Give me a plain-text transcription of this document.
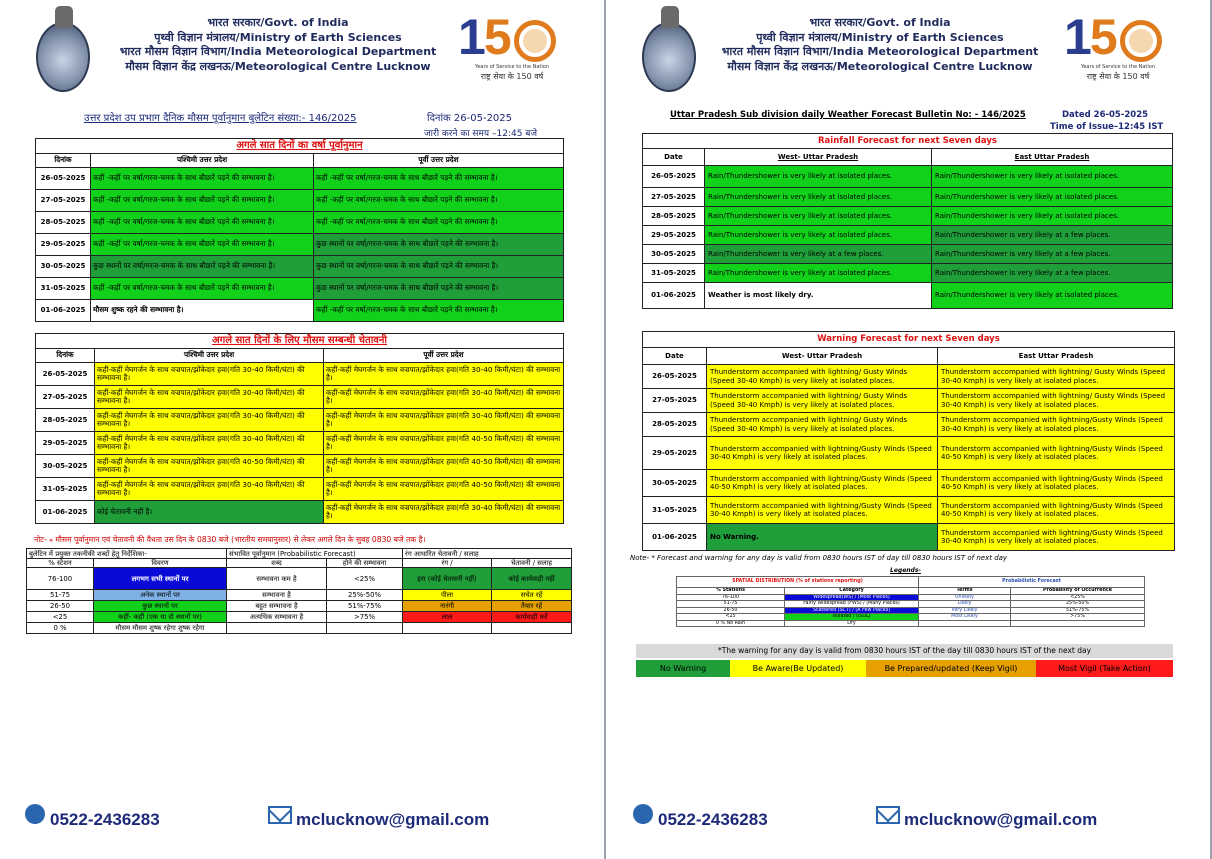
भारत सरकार/Govt. of India
पृथ्वी विज्ञान मंत्रालय/Ministry of Earth Sciences
भारत मौसम विज्ञान विभाग/India Meteorological Department
मौसम विज्ञान केंद्र लखनऊ/Meteorological Centre Lucknow
15
Years of Service to the Nation
राष्ट्र सेवा के 150 वर्ष
उत्तर प्रदेश उप प्रभाग दैनिक मौसम पूर्वानुमान बुलेटिन संख्या:- 146/2025	दिनांक 26-05-2025
जारी करने का समय –12:45 बजे
अगले सात दिनों का वर्षा पूर्वानुमान		
दिनांक	पश्चिमी उत्तर प्रदेश	पूर्वी उत्तर प्रदेश
26-05-2025	कहीं -कहीं पर वर्षा/गरज-चमक के साथ बौछारें पड़ने की सम्भावना है।	कहीं -कहीं पर वर्षा/गरज-चमक के साथ बौछारें पड़ने की सम्भावना है।
27-05-2025	कहीं -कहीं पर वर्षा/गरज-चमक के साथ बौछारें पड़ने की सम्भावना है।	कहीं -कहीं पर वर्षा/गरज-चमक के साथ बौछारें पड़ने की सम्भावना है।
28-05-2025	कहीं -कहीं पर वर्षा/गरज-चमक के साथ बौछारें पड़ने की सम्भावना है।	कहीं -कहीं पर वर्षा/गरज-चमक के साथ बौछारें पड़ने की सम्भावना है।
29-05-2025	कहीं -कहीं पर वर्षा/गरज-चमक के साथ बौछारें पड़ने की सम्भावना है।	कुछ स्थानों पर वर्षा/गरज-चमक के साथ बौछारें पड़ने की सम्भावना है।
30-05-2025	कुछ स्थानों पर वर्षा/गरज-चमक के साथ बौछारें पड़ने की सम्भावना है।	कुछ स्थानों पर वर्षा/गरज-चमक के साथ बौछारें पड़ने की सम्भावना है।
31-05-2025	कहीं -कहीं पर वर्षा/गरज-चमक के साथ बौछारें पड़ने की सम्भावना है।	कुछ स्थानों पर वर्षा/गरज-चमक के साथ बौछारें पड़ने की सम्भावना है।
01-06-2025	मौसम शुष्क रहने की सम्भावना है।	कहीं -कहीं पर वर्षा/गरज-चमक के साथ बौछारें पड़ने की सम्भावना है।
अगले सात दिनों के लिए मौसम सम्बन्धी चेतावनी		
दिनांक	पश्चिमी उत्तर प्रदेश	पूर्वी उत्तर प्रदेश
26-05-2025	कहीं-कहीं मेघगर्जन के साथ वज्रपात/झोंकेदार हवा(गति 30-40 किमी/घंटा) की सम्भावना है।	कहीं-कहीं मेघगर्जन के साथ वज्रपात/झोंकेदार हवा(गति 30-40 किमी/घंटा) की सम्भावना है।
27-05-2025	कहीं-कहीं मेघगर्जन के साथ वज्रपात/झोंकेदार हवा(गति 30-40 किमी/घंटा) की सम्भावना है।	कहीं-कहीं मेघगर्जन के साथ वज्रपात/झोंकेदार हवा(गति 30-40 किमी/घंटा) की सम्भावना है।
28-05-2025	कहीं-कहीं मेघगर्जन के साथ वज्रपात/झोंकेदार हवा(गति 30-40 किमी/घंटा) की सम्भावना है।	कहीं-कहीं मेघगर्जन के साथ वज्रपात/झोंकेदार हवा(गति 30-40 किमी/घंटा) की सम्भावना है।
29-05-2025	कहीं-कहीं मेघगर्जन के साथ वज्रपात/झोंकेदार हवा(गति 30-40 किमी/घंटा) की सम्भावना है।	कहीं-कहीं मेघगर्जन के साथ वज्रपात/झोंकेदार हवा(गति 40-50 किमी/घंटा) की सम्भावना है।
30-05-2025	कहीं-कहीं मेघगर्जन के साथ वज्रपात/झोंकेदार हवा(गति 40-50 किमी/घंटा) की सम्भावना है।	कहीं-कहीं मेघगर्जन के साथ वज्रपात/झोंकेदार हवा(गति 40-50 किमी/घंटा) की सम्भावना है।
31-05-2025	कहीं-कहीं मेघगर्जन के साथ वज्रपात/झोंकेदार हवा(गति 30-40 किमी/घंटा) की सम्भावना है।	कहीं-कहीं मेघगर्जन के साथ वज्रपात/झोंकेदार हवा(गति 40-50 किमी/घंटा) की सम्भावना है।
01-06-2025	कोई चेतावनी नहीं है।	कहीं-कहीं मेघगर्जन के साथ वज्रपात/झोंकेदार हवा(गति 30-40 किमी/घंटा) की सम्भावना है।
नोट- ⁎ मौसम पूर्वानुमान एवं चेतावनी की वैधता उस दिन के 0830 बजे (भारतीय समयानुसार) से लेकर अगले दिन के सुबह 0830 बजे तक है।
बुलेटिन में प्रयुक्त तकनीकी शब्दों हेतु निर्देशिका-		संभावित पूर्वानुमान (Probabilistic Forecast)		रंग आधारित चेतावनी / सलाह	
% स्टेशन	विवरण	शब्द	होने की सम्भावना	रंग /	चेतावनी / सलाह
76-100	लगभग सभी स्थानों पर	सम्भावना कम है	<25%	हरा (कोई चेतावनी नहीं)	कोई कार्यवाही नहीं
51-75	अनेक स्थानों पर	सम्भावना है	25%-50%	पीला	सचेत रहें
26-50	कुछ स्थानों पर	बहुत सम्भावना है	51%-75%	नारंगी	तैयार रहें
<25	कहीं- कहीं (एक या दो स्थानों पर)	अत्यधिक सम्भावना है	>75%	लाल	कार्यवाही करें
0 %	मौसम मौसम शुष्क रहेगा शुष्क रहेगा				
0522-2436283	mclucknow@gmail.com
भारत सरकार/Govt. of India
पृथ्वी विज्ञान मंत्रालय/Ministry of Earth Sciences
भारत मौसम विज्ञान विभाग/India Meteorological Department
मौसम विज्ञान केंद्र लखनऊ/Meteorological Centre Lucknow
15
Years of Service to the Nation
राष्ट्र सेवा के 150 वर्ष
Uttar Pradesh Sub division daily Weather Forecast Bulletin No: - 146/2025	Dated 26-05-2025
Time of Issue–12:45 IST
Rainfall Forecast for next Seven days		
Date	West- Uttar Pradesh	East Uttar Pradesh
26-05-2025	Rain/Thundershower is very likely at isolated places.	Rain/Thundershower is very likely at isolated places.
27-05-2025	Rain/Thundershower is very likely at isolated places.	Rain/Thundershower is very likely at isolated places.
28-05-2025	Rain/Thundershower is very likely at isolated places.	Rain/Thundershower is very likely at isolated places.
29-05-2025	Rain/Thundershower is very likely at isolated places.	Rain/Thundershower is very likely at a few places.
30-05-2025	Rain/Thundershower is very likely at a few places.	Rain/Thundershower is very likely at a few places.
31-05-2025	Rain/Thundershower is very likely at isolated places.	Rain/Thundershower is very likely at a few places.
01-06-2025	Weather is most likely dry.	Rain/Thundershower is very likely at isolated places.
Warning Forecast for next Seven days		
Date	West- Uttar Pradesh	East Uttar Pradesh
26-05-2025	Thunderstorm accompanied with lightning/ Gusty Winds (Speed 30-40 Kmph) is very likely at isolated places.	Thunderstorm accompanied with lightning/ Gusty Winds (Speed 30-40 Kmph) is very likely at isolated places.
27-05-2025	Thunderstorm accompanied with lightning/ Gusty Winds (Speed 30-40 Kmph) is very likely at isolated places.	Thunderstorm accompanied with lightning/ Gusty Winds (Speed 30-40 Kmph) is very likely at isolated places.
28-05-2025	Thunderstorm accompanied with lightning/ Gusty Winds (Speed 30-40 Kmph) is very likely at isolated places.	Thunderstorm accompanied with lightning/Gusty Winds (Speed 30-40 Kmph) is very likely at isolated places.
29-05-2025	Thunderstorm accompanied with lightning/Gusty Winds (Speed 30-40 Kmph) is very likely at isolated places.	Thunderstorm accompanied with lightning/Gusty Winds (Speed 40-50 Kmph) is very likely at isolated places.
30-05-2025	Thunderstorm accompanied with lightning/Gusty Winds (Speed 40-50 Kmph) is very likely at isolated places.	Thunderstorm accompanied with lightning/Gusty Winds (Speed 40-50 Kmph) is very likely at isolated places.
31-05-2025	Thunderstorm accompanied with lightning/Gusty Winds (Speed 30-40 Kmph) is very likely at isolated places.	Thunderstorm accompanied with lightning/Gusty Winds (Speed 40-50 Kmph) is very likely at isolated places.
01-06-2025	No Warning.	Thunderstorm accompanied with lightning/Gusty Winds (Speed 30-40 Kmph) is very likely at isolated places.
Note- * Forecast and warning for any day is valid from 0830 hours IST of day till 0830 hours IST of next day
Legends-
SPATIAL DISTRIBUTION (% of stations reporting)		Probabilistic Forecast	
% Stations	Category	Terms	Probability of Occurrence
76-100	Widespread(WS) / (Most Places)	Unlikely	<25%
51-75	Fairly Widespread (FWS) / (Many Places)	Likely	25%-50%
26-50	Scattered (SCT) / (A Few Places)	Very Likely	51%-75%
<25	Isolated / (ISOL)	Most Likely	>75%
0 % No Rain	Dry		
*The warning for any day is valid from 0830 hours IST of the day till 0830 hours IST of the next day
No Warning	Be Aware(Be Updated)	Be Prepared/updated (Keep Vigil)	Most Vigil (Take Action)
0522-2436283	mclucknow@gmail.com
